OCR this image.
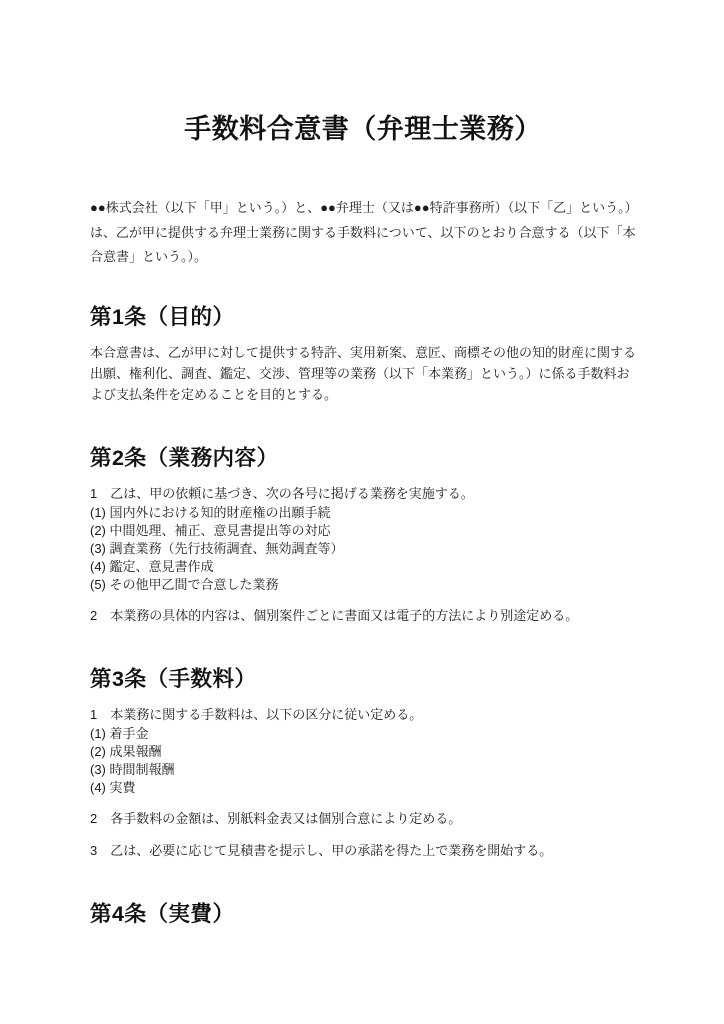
手数料合意書（弁理士業務）

●●株式会社（以下「甲」という。）と、●●弁理士（又は●●特許事務所）（以下「乙」という。）は、乙が甲に提供する弁理士業務に関する手数料について、以下のとおり合意する（以下「本合意書」という。）。

第1条（目的）

本合意書は、乙が甲に対して提供する特許、実用新案、意匠、商標その他の知的財産に関する出願、権利化、調査、鑑定、交渉、管理等の業務（以下「本業務」という。）に係る手数料および支払条件を定めることを目的とする。

第2条（業務内容）

1　乙は、甲の依頼に基づき、次の各号に掲げる業務を実施する。

(1) 国内外における知的財産権の出願手続

(2) 中間処理、補正、意見書提出等の対応

(3) 調査業務（先行技術調査、無効調査等）

(4) 鑑定、意見書作成

(5) その他甲乙間で合意した業務

2　本業務の具体的内容は、個別案件ごとに書面又は電子的方法により別途定める。

第3条（手数料）

1　本業務に関する手数料は、以下の区分に従い定める。

(1) 着手金

(2) 成果報酬

(3) 時間制報酬

(4) 実費

2　各手数料の金額は、別紙料金表又は個別合意により定める。

3　乙は、必要に応じて見積書を提示し、甲の承諾を得た上で業務を開始する。

第4条（実費）
